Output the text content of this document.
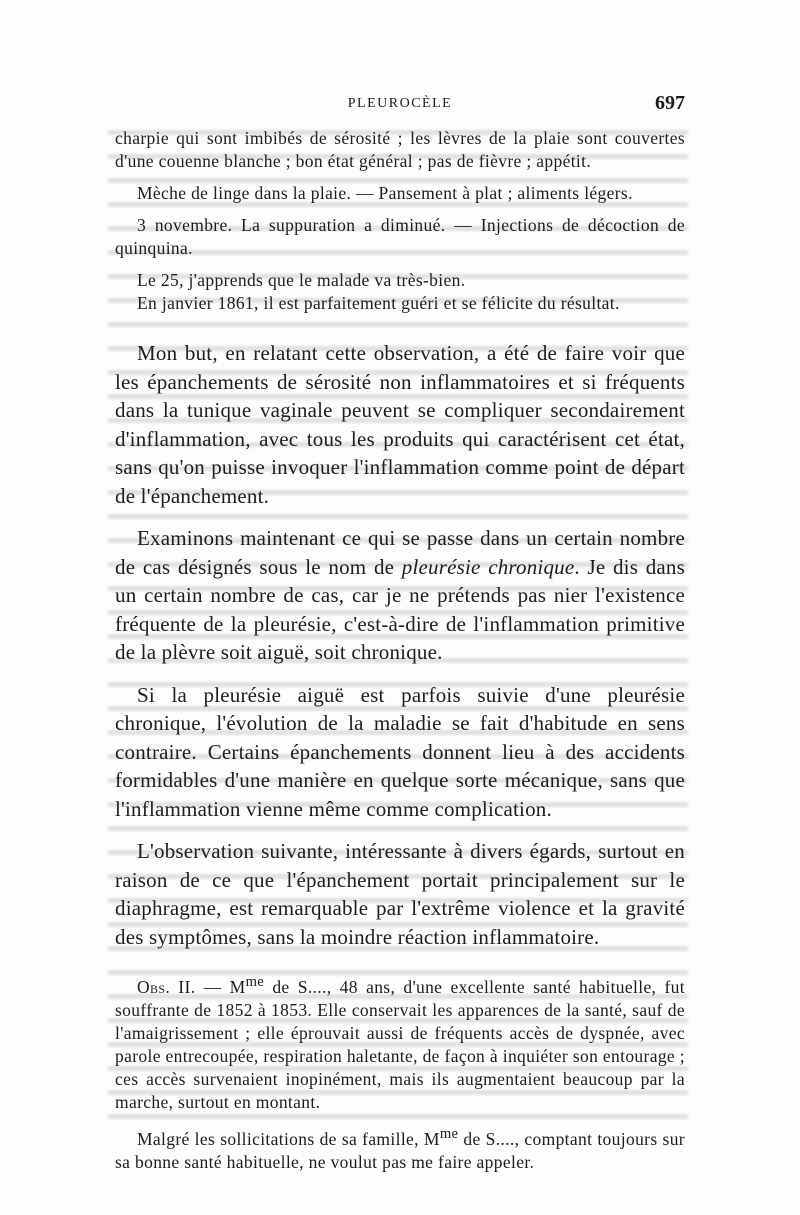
PLEUROCÈLE	697

charpie qui sont imbibés de sérosité ; les lèvres de la plaie sont couvertes d'une couenne blanche ; bon état général ; pas de fièvre ; appétit.

Mèche de linge dans la plaie. — Pansement à plat ; aliments légers.

3 novembre. La suppuration a diminué. — Injections de décoction de quinquina.

Le 25, j'apprends que le malade va très-bien.

En janvier 1861, il est parfaitement guéri et se félicite du résultat.

Mon but, en relatant cette observation, a été de faire voir que les épanchements de sérosité non inflammatoires et si fréquents dans la tunique vaginale peuvent se compliquer secondairement d'inflammation, avec tous les produits qui caractérisent cet état, sans qu'on puisse invoquer l'inflammation comme point de départ de l'épanchement.

Examinons maintenant ce qui se passe dans un certain nombre de cas désignés sous le nom de pleurésie chronique. Je dis dans un certain nombre de cas, car je ne prétends pas nier l'existence fréquente de la pleurésie, c'est-à-dire de l'inflammation primitive de la plèvre soit aiguë, soit chronique.

Si la pleurésie aiguë est parfois suivie d'une pleurésie chronique, l'évolution de la maladie se fait d'habitude en sens contraire. Certains épanchements donnent lieu à des accidents formidables d'une manière en quelque sorte mécanique, sans que l'inflammation vienne même comme complication.

L'observation suivante, intéressante à divers égards, surtout en raison de ce que l'épanchement portait principalement sur le diaphragme, est remarquable par l'extrême violence et la gravité des symptômes, sans la moindre réaction inflammatoire.

Obs. II. — $M^{me}$ de S...., 48 ans, d'une excellente santé habituelle, fut souffrante de 1852 à 1853. Elle conservait les apparences de la santé, sauf de l'amaigrissement ; elle éprouvait aussi de fréquents accès de dyspnée, avec parole entrecoupée, respiration haletante, de façon à inquiéter son entourage ; ces accès survenaient inopinément, mais ils augmentaient beaucoup par la marche, surtout en montant.

Malgré les sollicitations de sa famille, $M^{me}$ de S...., comptant toujours sur sa bonne santé habituelle, ne voulut pas me faire appeler.
